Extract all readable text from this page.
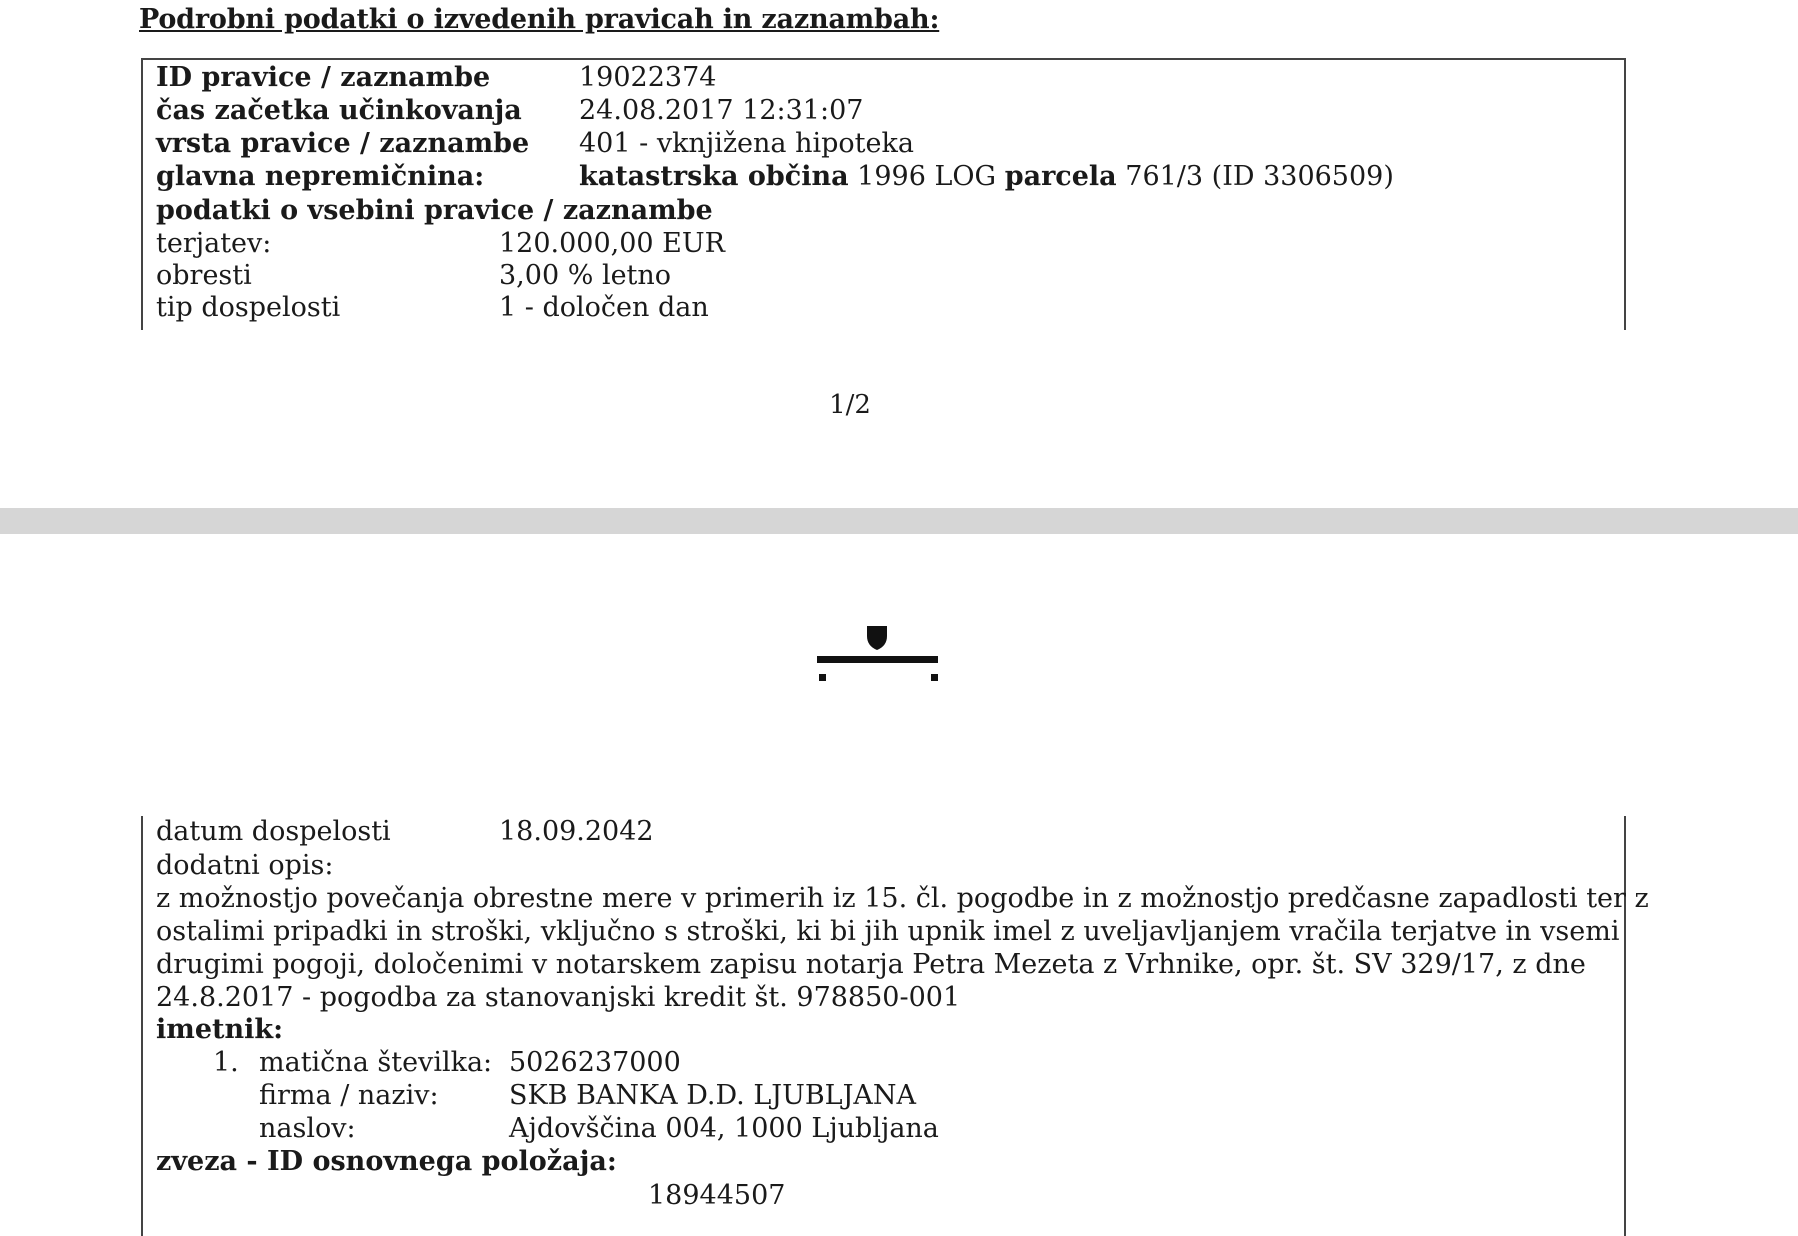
Podrobni podatki o izvedenih pravicah in zaznambah:
ID pravice / zaznambe	19022374
čas začetka učinkovanja 24.08.2017 12:31:07
vrsta pravice / zaznambe 401 - vknjižena hipoteka
glavna nepremičnina:	katastrska občina 1996 LOG parcela 761/3 (ID 3306509)
podatki o vsebini pravice / zaznambe
terjatev:	120.000,00 EUR
obresti	3,00 % letno
tip dospelosti	1 - določen dan
1/2
datum dospelosti	18.09.2042
dodatni opis:
z možnostjo povečanja obrestne mere v primerih iz 15. čl. pogodbe in z možnostjo predčasne zapadlosti ter z
ostalimi pripadki in stroški, vključno s stroški, ki bi jih upnik imel z uveljavljanjem vračila terjatve in vsemi
drugimi pogoji, določenimi v notarskem zapisu notarja Petra Mezeta z Vrhnike, opr. št. SV 329/17, z dne
24.8.2017 - pogodba za stanovanjski kredit št. 978850-001
imetnik:
1. matična številka: 5026237000
firma / naziv:	SKB BANKA D.D. LJUBLJANA
naslov:	Ajdovščina 004, 1000 Ljubljana
zveza - ID osnovnega položaja:
18944507
